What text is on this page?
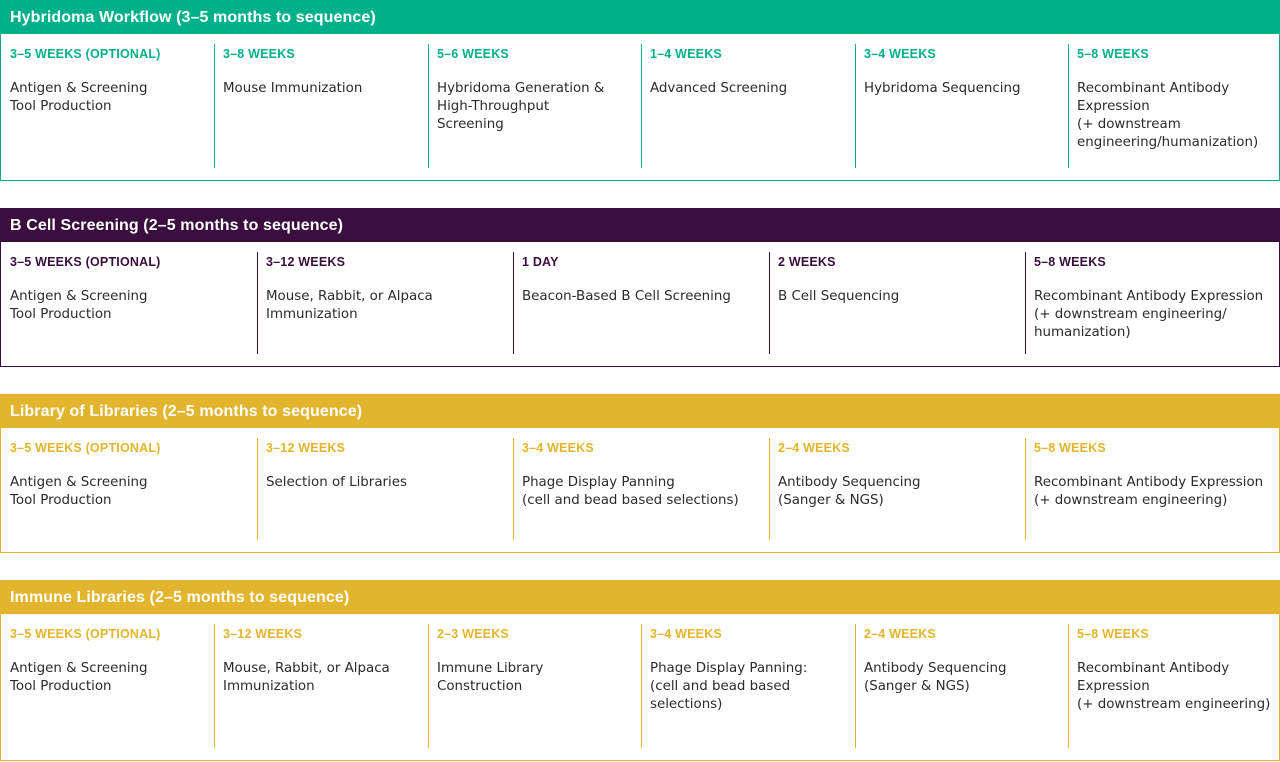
Hybridoma Workflow (3–5 months to sequence)
3–5 WEEKS (OPTIONAL)
Antigen & Screening
Tool Production
3–8 WEEKS
Mouse Immunization
5–6 WEEKS
Hybridoma Generation &
High-Throughput
Screening
1–4 WEEKS
Advanced Screening
3–4 WEEKS
Hybridoma Sequencing
5–8 WEEKS
Recombinant Antibody
Expression
(+ downstream
engineering/humanization)
B Cell Screening (2–5 months to sequence)
3–5 WEEKS (OPTIONAL)
Antigen & Screening
Tool Production
3–12 WEEKS
Mouse, Rabbit, or Alpaca
Immunization
1 DAY
Beacon-Based B Cell Screening
2 WEEKS
B Cell Sequencing
5–8 WEEKS
Recombinant Antibody Expression
(+ downstream engineering/
humanization)
Library of Libraries (2–5 months to sequence)
3–5 WEEKS (OPTIONAL)
Antigen & Screening
Tool Production
3–12 WEEKS
Selection of Libraries
3–4 WEEKS
Phage Display Panning
(cell and bead based selections)
2–4 WEEKS
Antibody Sequencing
(Sanger & NGS)
5–8 WEEKS
Recombinant Antibody Expression
(+ downstream engineering)
Immune Libraries (2–5 months to sequence)
3–5 WEEKS (OPTIONAL)
Antigen & Screening
Tool Production
3–12 WEEKS
Mouse, Rabbit, or Alpaca
Immunization
2–3 WEEKS
Immune Library
Construction
3–4 WEEKS
Phage Display Panning:
(cell and bead based
selections)
2–4 WEEKS
Antibody Sequencing
(Sanger & NGS)
5–8 WEEKS
Recombinant Antibody
Expression
(+ downstream engineering)
